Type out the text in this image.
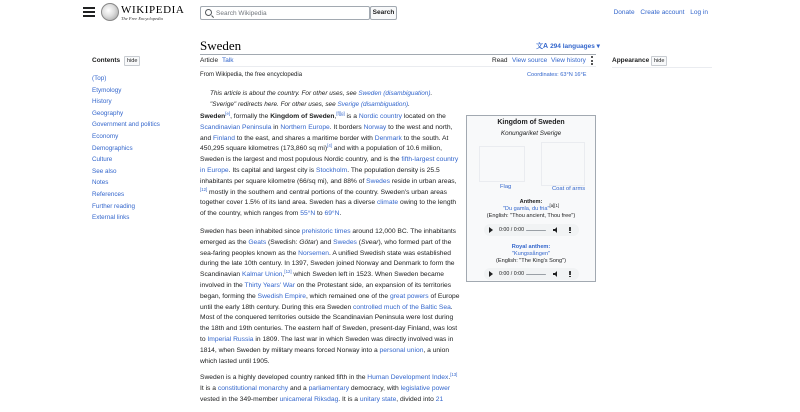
WIKIPEDIA
The Free Encyclopedia
Search Wikipedia
Search	Donate Create account Log in
Contents	hide
(Top)
Etymology
History
Geography
Government and politics
Economy
Demographics
Culture
See also
Notes
References
Further reading
External links
Sweden	文A 294 languages ▾
Article Talk	Read View source View history
From Wikipedia, the free encyclopedia	Coordinates: 63°N 16°E
Appearance hide
This article is about the country. For other uses, see Sweden (disambiguation).
"Sverige" redirects here. For other uses, see Sverige (disambiguation).
Sweden[e], formally the Kingdom of Sweden,[f][g] is a Nordic country located on the Scandinavian Peninsula in Northern Europe. It borders Norway to the west and north, and Finland to the east, and shares a maritime border with Denmark to the south. At 450,295 square kilometres (173,860 sq mi)[4] and with a population of 10.6 million, Sweden is the largest and most populous Nordic country, and is the fifth-largest country in Europe. Its capital and largest city is Stockholm. The population density is 25.5 inhabitants per square kilometre (66/sq mi), and 88% of Swedes reside in urban areas,[12] mostly in the southern and central portions of the country. Sweden's urban areas together cover 1.5% of its land area. Sweden has a diverse climate owing to the length of the country, which ranges from 55°N to 69°N.
Sweden has been inhabited since prehistoric times around 12,000 BC. The inhabitants emerged as the Geats (Swedish: Götar) and Swedes (Svear), who formed part of the sea-faring peoples known as the Norsemen. A unified Swedish state was established during the late 10th century. In 1397, Sweden joined Norway and Denmark to form the Scandinavian Kalmar Union,[12] which Sweden left in 1523. When Sweden became involved in the Thirty Years' War on the Protestant side, an expansion of its territories began, forming the Swedish Empire, which remained one of the great powers of Europe until the early 18th century. During this era Sweden controlled much of the Baltic Sea. Most of the conquered territories outside the Scandinavian Peninsula were lost during the 18th and 19th centuries. The eastern half of Sweden, present-day Finland, was lost to Imperial Russia in 1809. The last war in which Sweden was directly involved was in 1814, when Sweden by military means forced Norway into a personal union, a union which lasted until 1905.
Sweden is a highly developed country ranked fifth in the Human Development Index.[13] It is a constitutional monarchy and a parliamentary democracy, with legislative power vested in the 349-member unicameral Riksdag. It is a unitary state, divided into 21
Kingdom of Sweden
Konungariket Sverige
Flag	Coat of arms
Anthem:
"Du gamla, du fria"[a][1]
(English: "Thou ancient, Thou free")
0:00 / 0:00
Royal anthem:
"Kungssången"
(English: "The King's Song")
0:00 / 0:00
